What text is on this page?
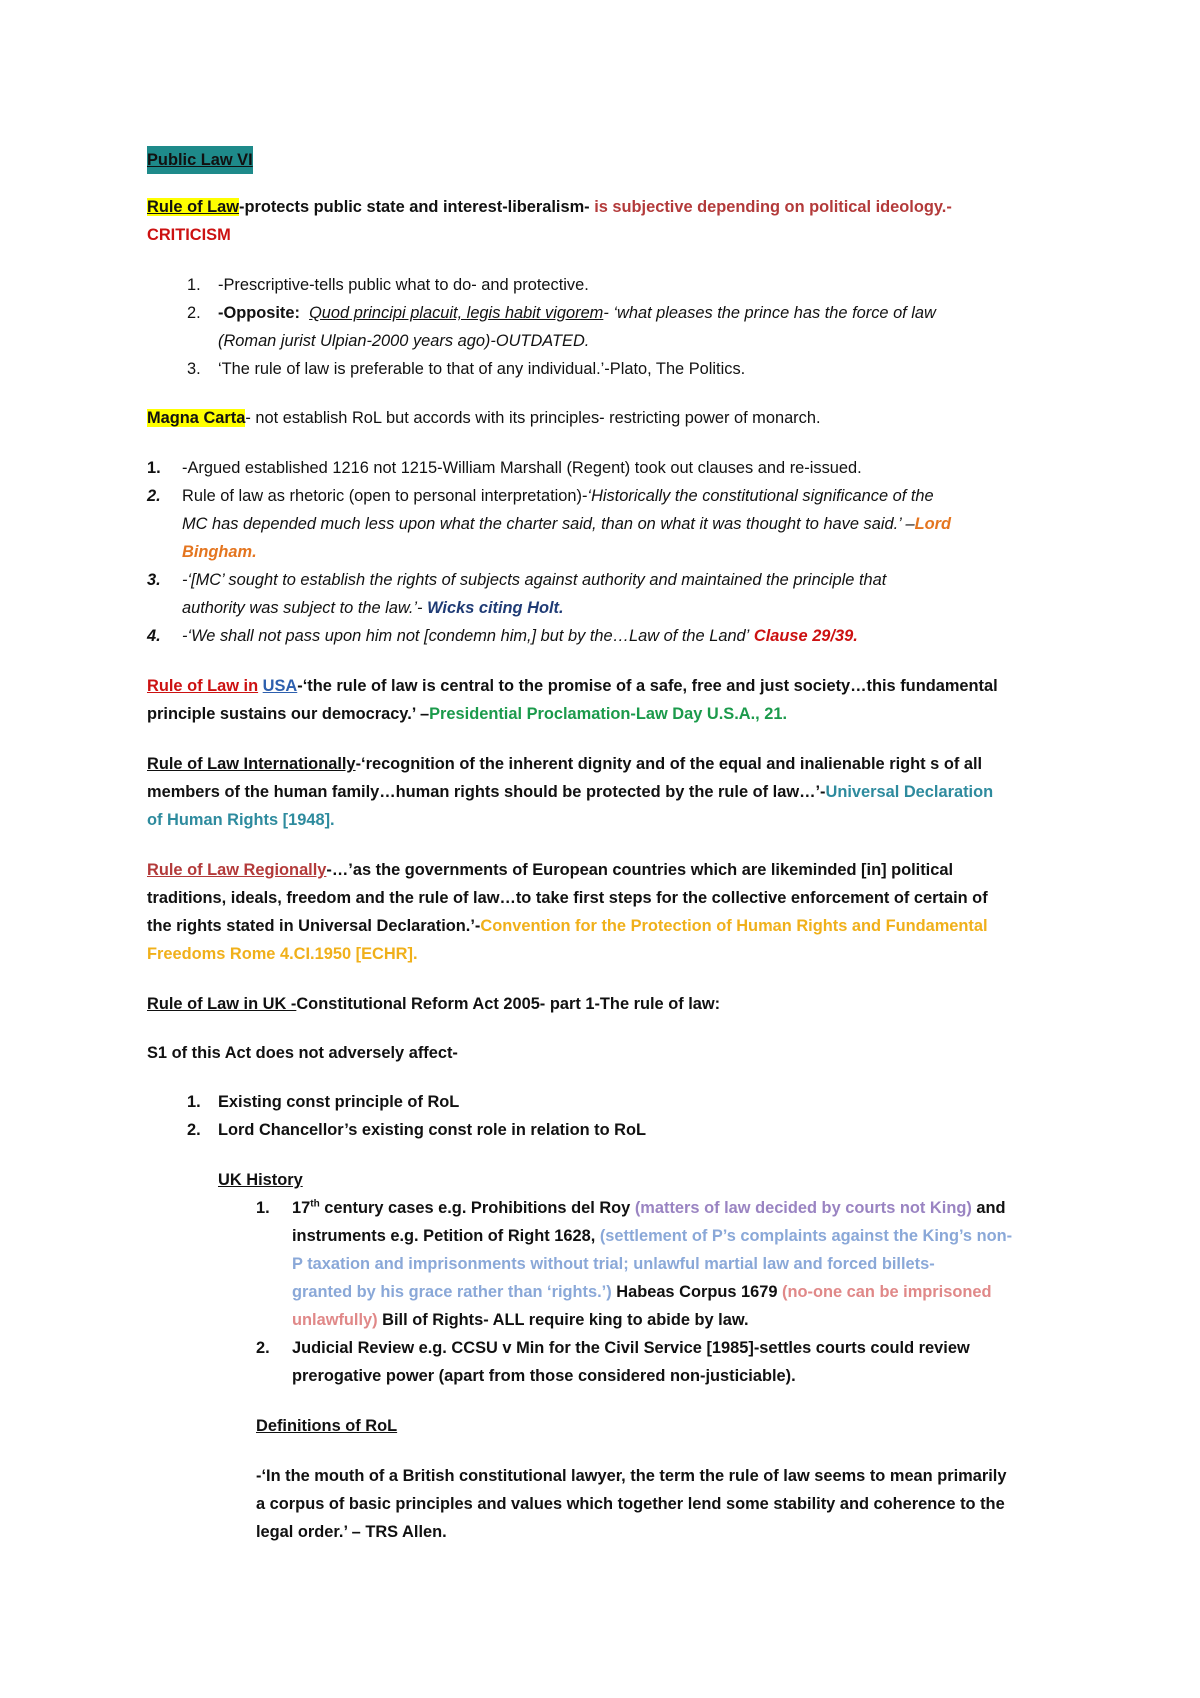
Public Law VI
Rule of Law-protects public state and interest-liberalism- is subjective depending on political ideology.-
CRITICISM
1. -Prescriptive-tells public what to do- and protective.
2. -Opposite: Quod principi placuit, legis habit vigorem- ‘what pleases the prince has the force of law
(Roman jurist Ulpian-2000 years ago)-OUTDATED.
3. ‘The rule of law is preferable to that of any individual.’-Plato, The Politics.
Magna Carta- not establish RoL but accords with its principles- restricting power of monarch.
1. -Argued established 1216 not 1215-William Marshall (Regent) took out clauses and re-issued.
2. Rule of law as rhetoric (open to personal interpretation)-‘Historically the constitutional significance of the
MC has depended much less upon what the charter said, than on what it was thought to have said.’ –Lord
Bingham.
3. -‘[MC’ sought to establish the rights of subjects against authority and maintained the principle that
authority was subject to the law.’- Wicks citing Holt.
4. -‘We shall not pass upon him not [condemn him,] but by the…Law of the Land’ Clause 29/39.
Rule of Law in USA-‘the rule of law is central to the promise of a safe, free and just society…this fundamental
principle sustains our democracy.’ –Presidential Proclamation-Law Day U.S.A., 21.
Rule of Law Internationally-‘recognition of the inherent dignity and of the equal and inalienable right s of all
members of the human family…human rights should be protected by the rule of law…’-Universal Declaration
of Human Rights [1948].
Rule of Law Regionally-…’as the governments of European countries which are likeminded [in] political
traditions, ideals, freedom and the rule of law…to take first steps for the collective enforcement of certain of
the rights stated in Universal Declaration.’-Convention for the Protection of Human Rights and Fundamental
Freedoms Rome 4.CI.1950 [ECHR].
Rule of Law in UK -Constitutional Reform Act 2005- part 1-The rule of law:
S1 of this Act does not adversely affect-
1. Existing const principle of RoL
2. Lord Chancellor’s existing const role in relation to RoL
UK History
1. 17th century cases e.g. Prohibitions del Roy (matters of law decided by courts not King) and
instruments e.g. Petition of Right 1628, (settlement of P’s complaints against the King’s non-
P taxation and imprisonments without trial; unlawful martial law and forced billets-
granted by his grace rather than ‘rights.’) Habeas Corpus 1679 (no-one can be imprisoned
unlawfully) Bill of Rights- ALL require king to abide by law.
2. Judicial Review e.g. CCSU v Min for the Civil Service [1985]-settles courts could review
prerogative power (apart from those considered non-justiciable).
Definitions of RoL
-‘In the mouth of a British constitutional lawyer, the term the rule of law seems to mean primarily
a corpus of basic principles and values which together lend some stability and coherence to the
legal order.’ – TRS Allen.
